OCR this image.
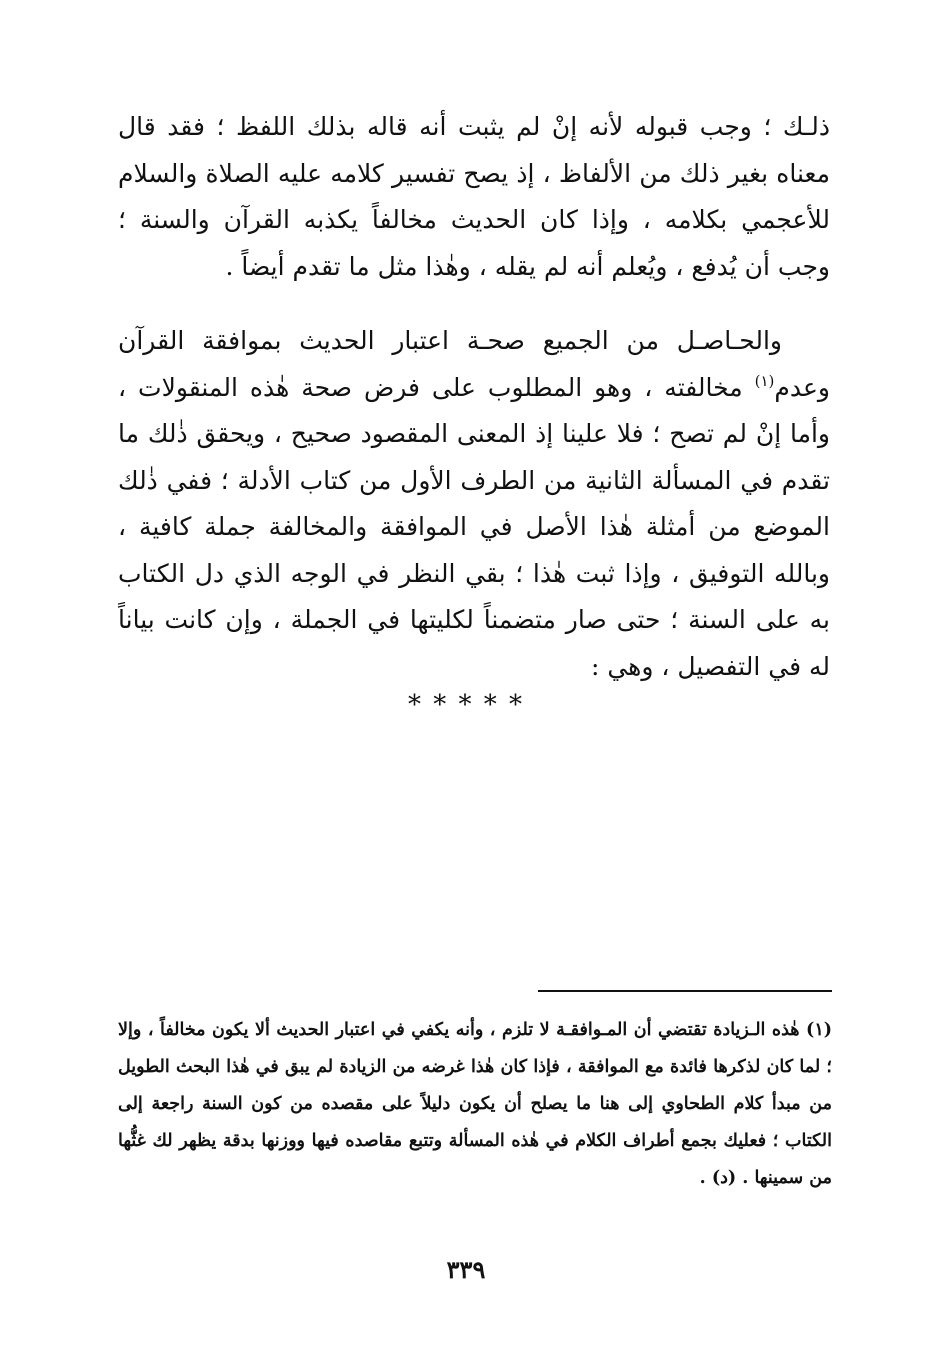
ذلـك ؛ وجب قبوله لأنه إنْ لم يثبت أنه قاله بذلك اللفظ ؛ فقد قال معناه بغير ذلك من الألفاظ ، إذ يصح تفسير كلامه عليه الصلاة والسلام للأعجمي بكلامه ، وإذا كان الحديث مخالفاً يكذبه القرآن والسنة ؛ وجب أن يُدفع ، ويُعلم أنه لم يقله ، وهٰذا مثل ما تقدم أيضاً .

والحـاصـل من الجميع صحـة اعتبار الحديث بموافقة القرآن وعدم$^{(١)}$ مخالفته ، وهو المطلوب على فرض صحة هٰذه المنقولات ، وأما إنْ لم تصح ؛ فلا علينا إذ المعنى المقصود صحيح ، ويحقق ذٰلك ما تقدم في المسألة الثانية من الطرف الأول من كتاب الأدلة ؛ ففي ذٰلك الموضع من أمثلة هٰذا الأصل في الموافقة والمخالفة جملة كافية ، وبالله التوفيق ، وإذا ثبت هٰذا ؛ بقي النظر في الوجه الذي دل الكتاب به على السنة ؛ حتى صار متضمناً لكليتها في الجملة ، وإن كانت بياناً له في التفصيل ، وهي :

* * * * *

(١) هٰذه الـزيادة تقتضي أن المـوافقـة لا تلزم ، وأنه يكفي في اعتبار الحديث ألا يكون مخالفاً ، وإلا ؛ لما كان لذكرها فائدة مع الموافقة ، فإذا كان هٰذا غرضه من الزيادة لم يبق في هٰذا البحث الطويل من مبدأ كلام الطحاوي إلى هنا ما يصلح أن يكون دليلاً على مقصده من كون السنة راجعة إلى الكتاب ؛ فعليك بجمع أطراف الكلام في هٰذه المسألة وتتبع مقاصده فيها ووزنها بدقة يظهر لك غثُّها من سمينها . (د) .

٣٣٩
